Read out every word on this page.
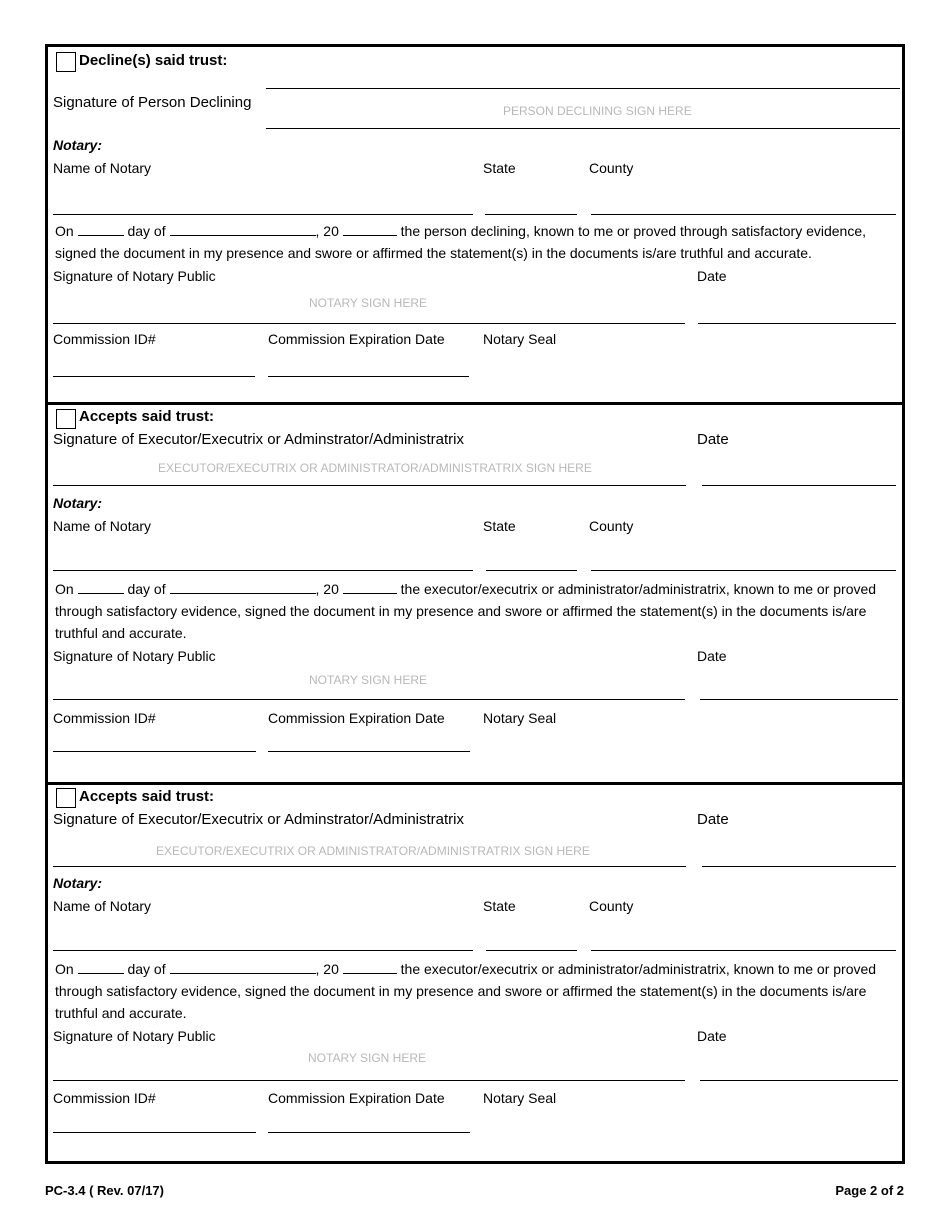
Decline(s) said trust:
Signature of Person Declining	PERSON DECLINING SIGN HERE
Notary:
Name of Notary	State	County
On	day of	, 20	the person declining, known to me or proved through satisfactory evidence,
signed the document in my presence and swore or affirmed the statement(s) in the documents is/are truthful and accurate.
Signature of Notary Public	Date
NOTARY SIGN HERE
Commission ID#	Commission Expiration Date	Notary Seal
Accepts said trust:
Signature of Executor/Executrix or Adminstrator/Administratrix	Date
EXECUTOR/EXECUTRIX OR ADMINISTRATOR/ADMINISTRATRIX SIGN HERE
Notary:
Name of Notary	State	County
On	day of	, 20	the executor/executrix or administrator/administratrix, known to me or proved
through satisfactory evidence, signed the document in my presence and swore or affirmed the statement(s) in the documents is/are
truthful and accurate.
Signature of Notary Public	Date
NOTARY SIGN HERE
Commission ID#	Commission Expiration Date	Notary Seal
Accepts said trust:
Signature of Executor/Executrix or Adminstrator/Administratrix	Date
EXECUTOR/EXECUTRIX OR ADMINISTRATOR/ADMINISTRATRIX SIGN HERE
Notary:
Name of Notary	State	County
On	day of	, 20	the executor/executrix or administrator/administratrix, known to me or proved
through satisfactory evidence, signed the document in my presence and swore or affirmed the statement(s) in the documents is/are
truthful and accurate.
Signature of Notary Public	Date
NOTARY SIGN HERE
Commission ID#	Commission Expiration Date	Notary Seal
PC-3.4 ( Rev. 07/17)	Page 2 of 2
